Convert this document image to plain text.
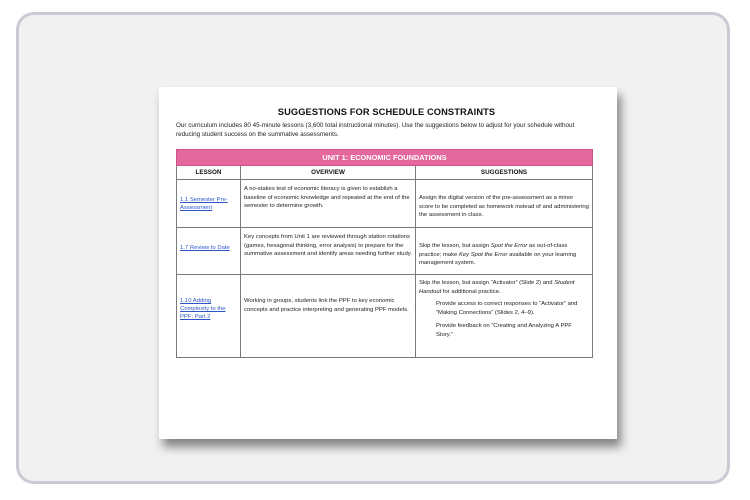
SUGGESTIONS FOR SCHEDULE CONSTRAINTS
Our curriculum includes 80 45-minute lessons (3,600 total instructional minutes). Use the suggestions below to adjust for your schedule without reducing student success on the summative assessments.
UNIT 1: ECONOMIC FOUNDATIONS		
LESSON	OVERVIEW	SUGGESTIONS

1.1 Semester Pre-Assessment	A no-stakes test of economic literacy is given to establish a baseline of economic knowledge and repeated at the end of the semester to determine growth.	Assign the digital version of the pre-assessment as a minor score to be completed as homework instead of and administering the assessment in class.

1.7 Review to Date	Key concepts from Unit 1 are reviewed through station rotations (games, hexagonal thinking, error analysis) to prepare for the summative assessment and identify areas needing further study.	Skip the lesson, but assign Spot the Error as out-of-class practice; make Key Spot the Error available on your learning management system.

1.10 Adding Complexity to the PPF: Part 2	Working in groups, students link the PPF to key economic concepts and practice interpreting and generating PPF models.	Skip the lesson, but assign “Activator” (Slide 2) and Student Handout for additional practice.

Provide access to correct responses to “Activator” and “Making Connections” (Slides 2, 4–9).

Provide feedback on “Creating and Analyzing A PPF Story.”
